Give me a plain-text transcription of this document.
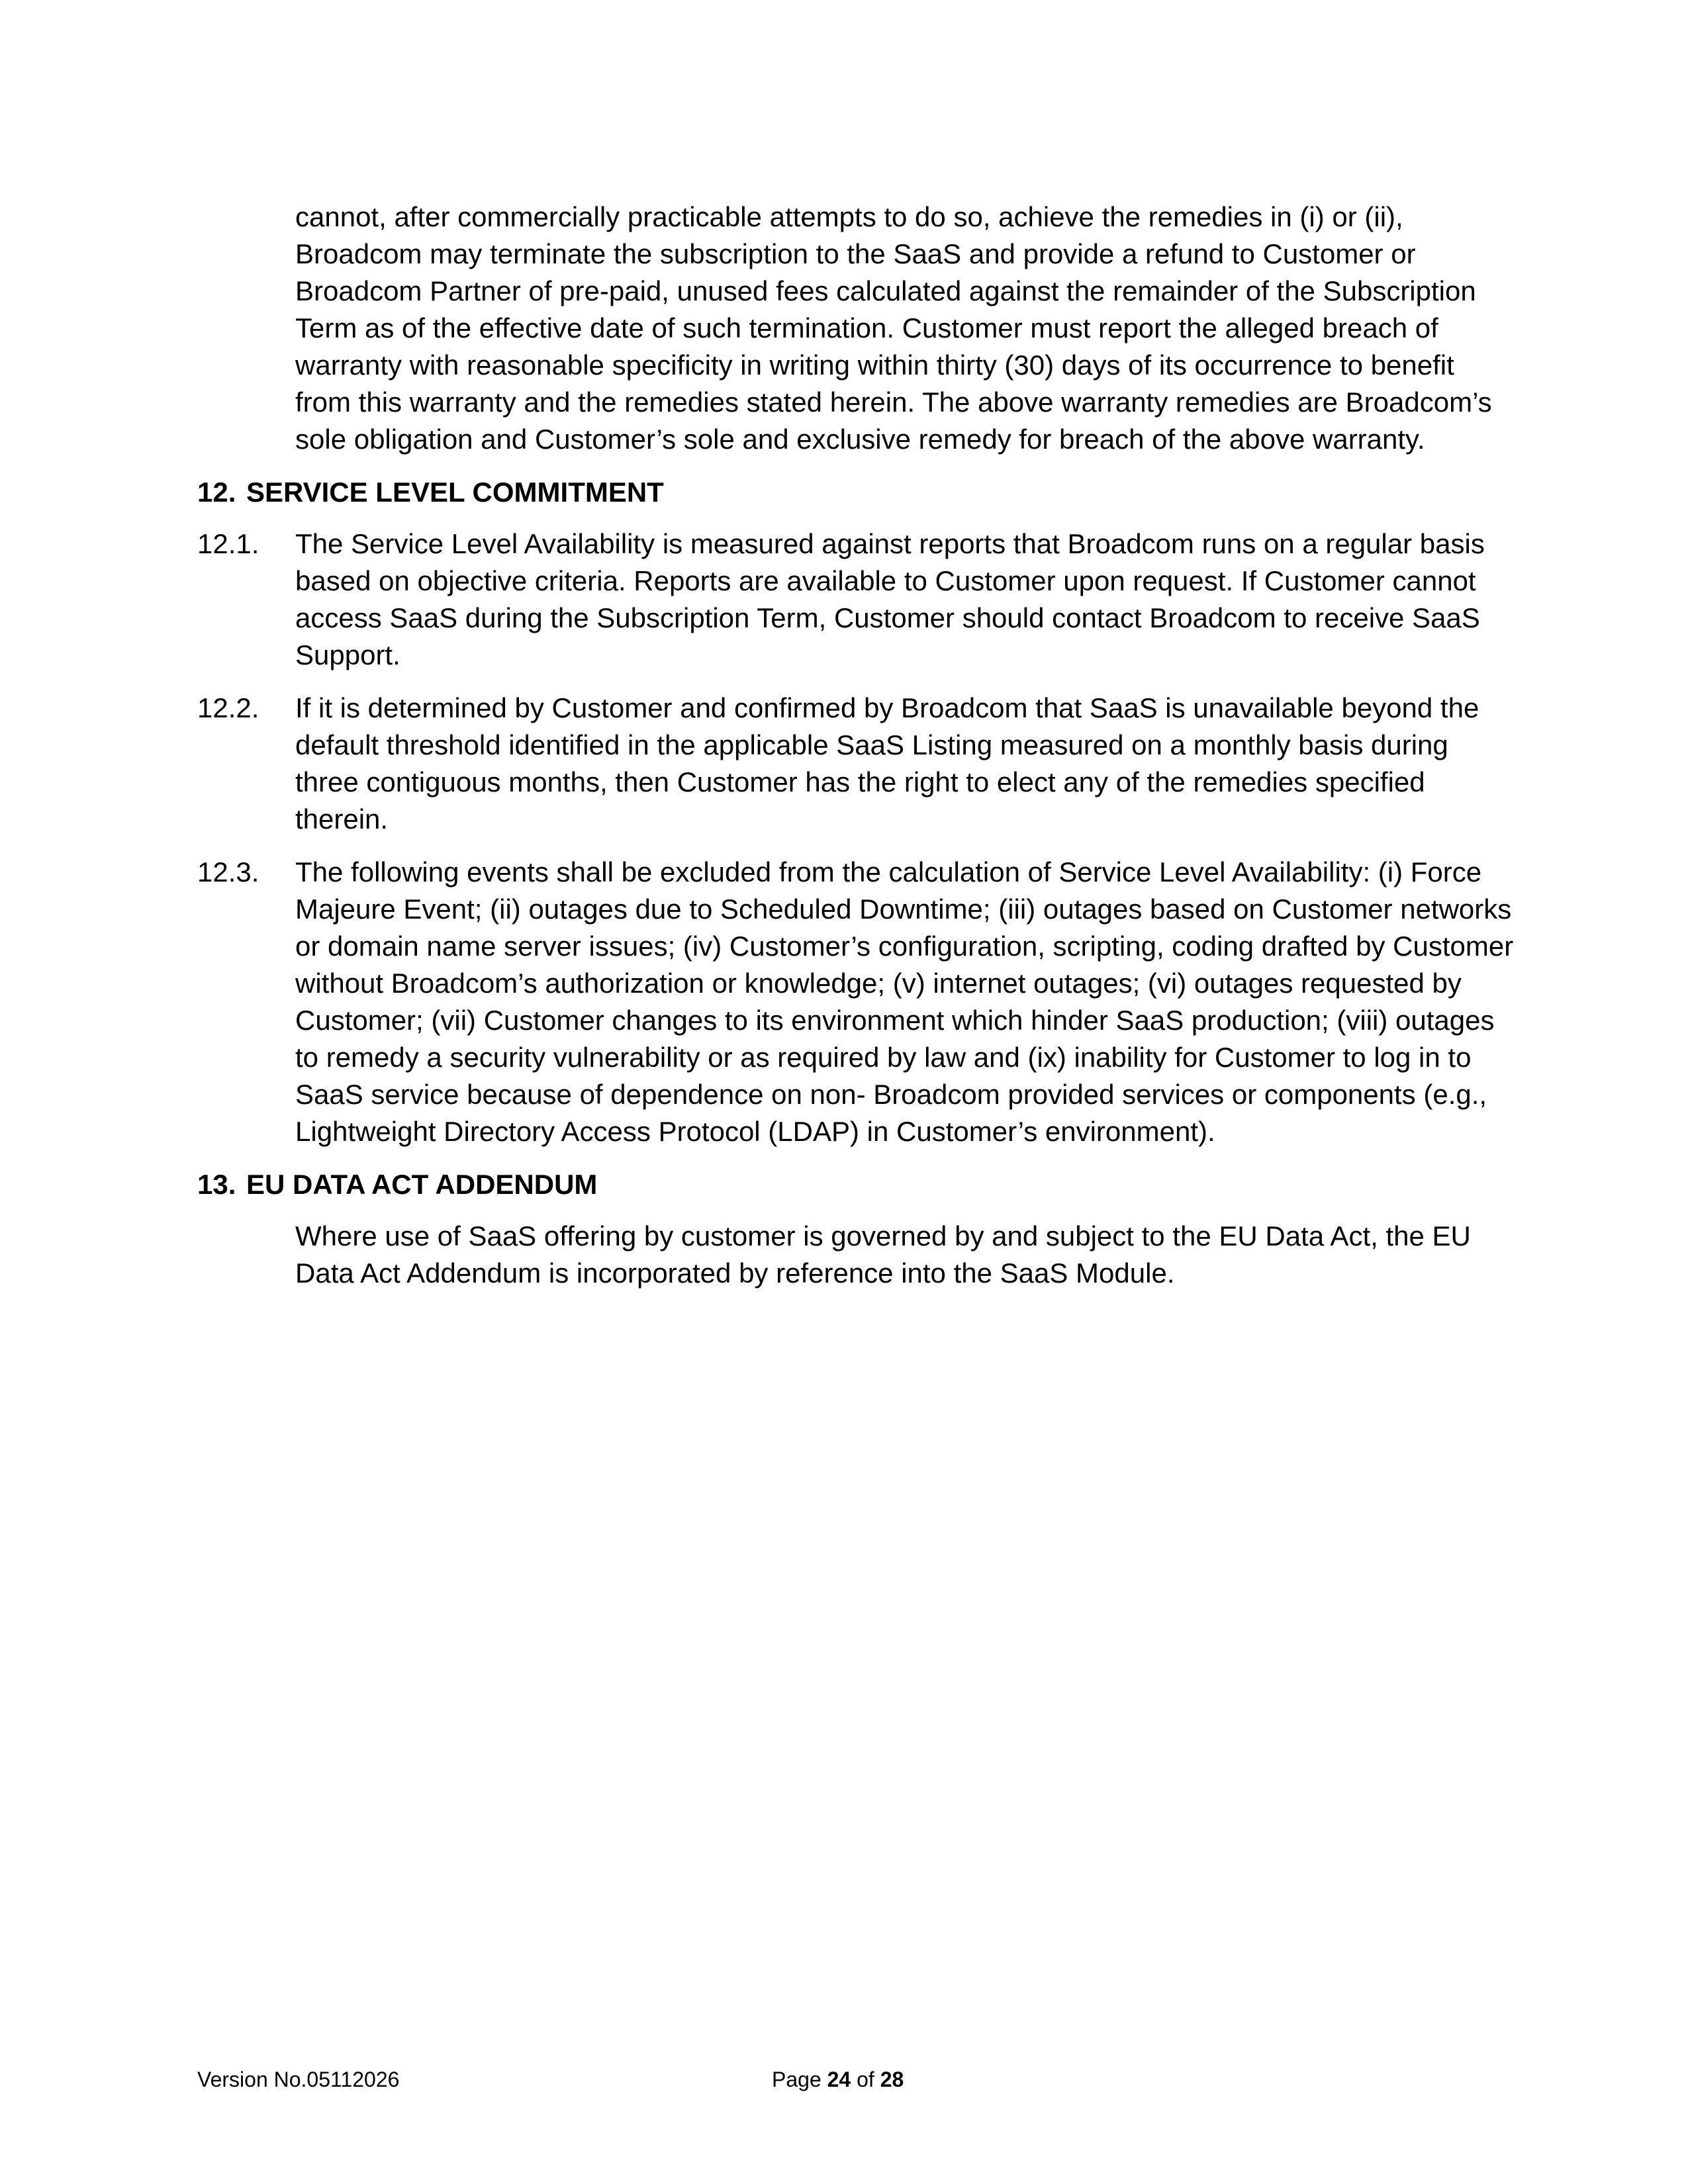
cannot, after commercially practicable attempts to do so, achieve the remedies in (i) or (ii), Broadcom may terminate the subscription to the SaaS and provide a refund to Customer or Broadcom Partner of pre-paid, unused fees calculated against the remainder of the Subscription Term as of the effective date of such termination. Customer must report the alleged breach of warranty with reasonable specificity in writing within thirty (30) days of its occurrence to benefit from this warranty and the remedies stated herein. The above warranty remedies are Broadcom’s sole obligation and Customer’s sole and exclusive remedy for breach of the above warranty.

12. SERVICE LEVEL COMMITMENT
12.1.	The Service Level Availability is measured against reports that Broadcom runs on a regular basis based on objective criteria. Reports are available to Customer upon request. If Customer cannot access SaaS during the Subscription Term, Customer should contact Broadcom to receive SaaS Support.
12.2.	If it is determined by Customer and confirmed by Broadcom that SaaS is unavailable beyond the default threshold identified in the applicable SaaS Listing measured on a monthly basis during three contiguous months, then Customer has the right to elect any of the remedies specified therein.
12.3.	The following events shall be excluded from the calculation of Service Level Availability: (i) Force Majeure Event; (ii) outages due to Scheduled Downtime; (iii) outages based on Customer networks or domain name server issues; (iv) Customer’s configuration, scripting, coding drafted by Customer without Broadcom’s authorization or knowledge; (v) internet outages; (vi) outages requested by Customer; (vii) Customer changes to its environment which hinder SaaS production; (viii) outages to remedy a security vulnerability or as required by law and (ix) inability for Customer to log in to SaaS service because of dependence on non- Broadcom provided services or components (e.g., Lightweight Directory Access Protocol (LDAP) in Customer’s environment).
13. EU DATA ACT ADDENDUM

Where use of SaaS offering by customer is governed by and subject to the EU Data Act, the EU Data Act Addendum is incorporated by reference into the SaaS Module.

Version No.05112026	Page 24 of 28
